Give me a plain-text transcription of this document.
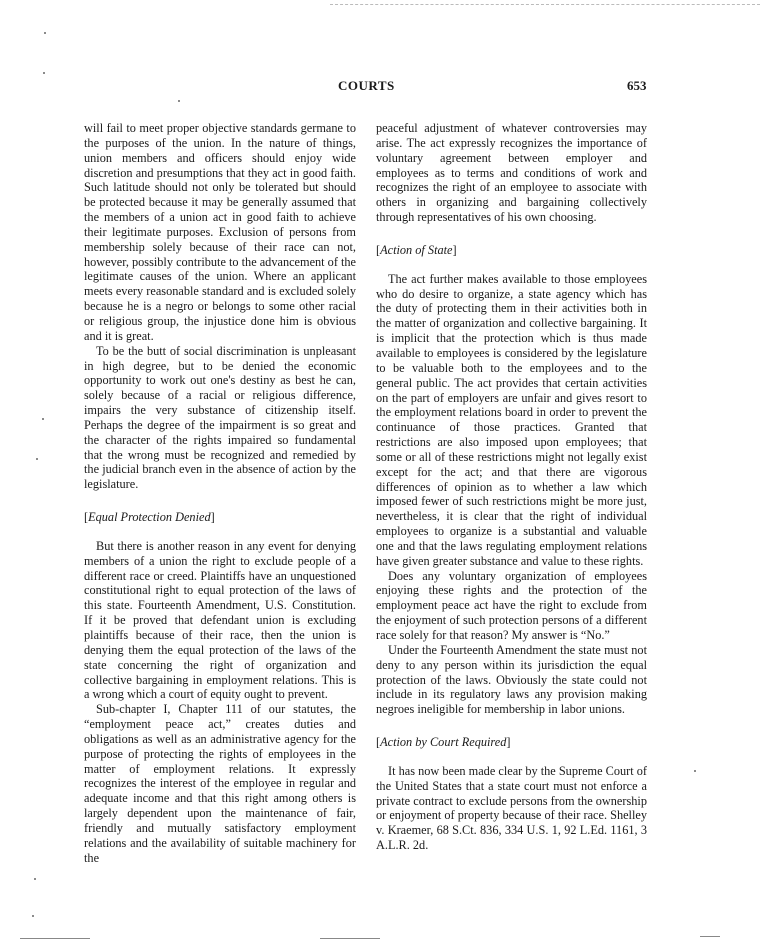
COURTS	653

will fail to meet proper objective standards germane to the purposes of the union. In the nature of things, union members and officers should enjoy wide discretion and presumptions that they act in good faith. Such latitude should not only be tolerated but should be protected because it may be generally assumed that the members of a union act in good faith to achieve their legitimate purposes. Exclusion of persons from membership solely because of their race can not, however, possibly contribute to the advancement of the legitimate causes of the union. Where an applicant meets every reasonable standard and is excluded solely because he is a negro or belongs to some other racial or religious group, the injustice done him is obvious and it is great.

To be the butt of social discrimination is unpleasant in high degree, but to be denied the economic opportunity to work out one's destiny as best he can, solely because of a racial or religious difference, impairs the very substance of citizenship itself. Perhaps the degree of the impairment is so great and the character of the rights impaired so fundamental that the wrong must be recognized and remedied by the judicial branch even in the absence of action by the legislature.

[Equal Protection Denied]

But there is another reason in any event for denying members of a union the right to exclude people of a different race or creed. Plaintiffs have an unquestioned constitutional right to equal protection of the laws of this state. Fourteenth Amendment, U.S. Constitution. If it be proved that defendant union is excluding plaintiffs because of their race, then the union is denying them the equal protection of the laws of the state concerning the right of organization and collective bargaining in employment relations. This is a wrong which a court of equity ought to prevent.

Sub-chapter I, Chapter 111 of our statutes, the “employment peace act,” creates duties and obligations as well as an administrative agency for the purpose of protecting the rights of employees in the matter of employment relations. It expressly recognizes the interest of the employee in regular and adequate income and that this right among others is largely dependent upon the maintenance of fair, friendly and mutually satisfactory employment relations and the availability of suitable machinery for the

peaceful adjustment of whatever controversies may arise. The act expressly recognizes the importance of voluntary agreement between employer and employees as to terms and conditions of work and recognizes the right of an employee to associate with others in organizing and bargaining collectively through representatives of his own choosing.

[Action of State]

The act further makes available to those employees who do desire to organize, a state agency which has the duty of protecting them in their activities both in the matter of organization and collective bargaining. It is implicit that the protection which is thus made available to employees is considered by the legislature to be valuable both to the employees and to the general public. The act provides that certain activities on the part of employers are unfair and gives resort to the employment relations board in order to prevent the continuance of those practices. Granted that restrictions are also imposed upon employees; that some or all of these restrictions might not legally exist except for the act; and that there are vigorous differences of opinion as to whether a law which imposed fewer of such restrictions might be more just, nevertheless, it is clear that the right of individual employees to organize is a substantial and valuable one and that the laws regulating employment relations have given greater substance and value to these rights.

Does any voluntary organization of employees enjoying these rights and the protection of the employment peace act have the right to exclude from the enjoyment of such protection persons of a different race solely for that reason? My answer is “No.”

Under the Fourteenth Amendment the state must not deny to any person within its jurisdiction the equal protection of the laws. Obviously the state could not include in its regulatory laws any provision making negroes ineligible for membership in labor unions.

[Action by Court Required]

It has now been made clear by the Supreme Court of the United States that a state court must not enforce a private contract to exclude persons from the ownership or enjoyment of property because of their race. Shelley v. Kraemer, 68 S.Ct. 836, 334 U.S. 1, 92 L.Ed. 1161, 3 A.L.R. 2d.
